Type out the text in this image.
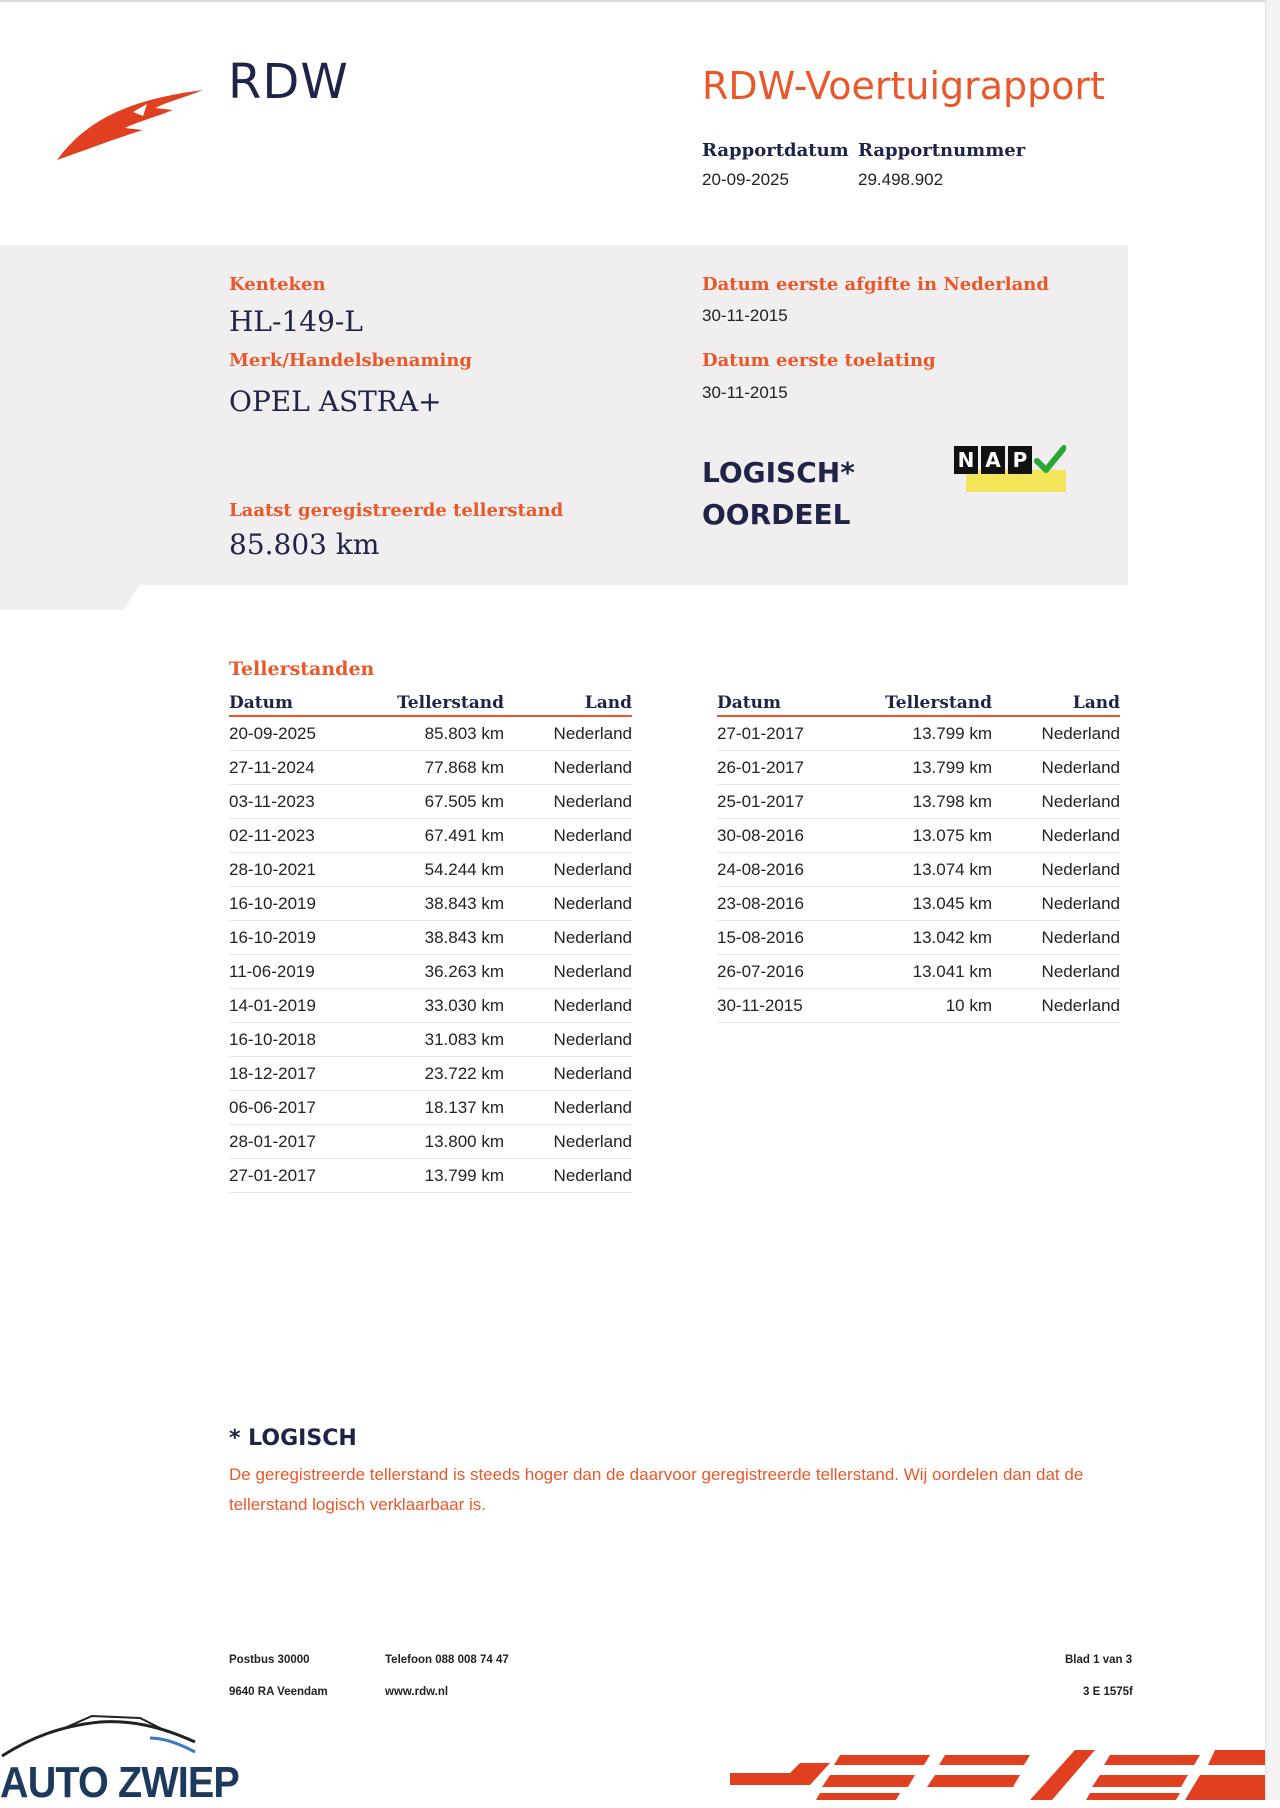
RDW	RDW-Voertuigrapport
Rapportdatum
20-09-2025
Rapportnummer
29.498.902
Kenteken
HL-149-L
Merk/Handelsbenaming
OPEL ASTRA+
Laatst geregistreerde tellerstand
85.803 km
Datum eerste afgifte in Nederland
30-11-2015
Datum eerste toelating
30-11-2015
LOGISCH*
OORDEEL
N A P
Tellerstanden
Datum	Tellerstand	Land
20-09-2025	85.803 km	Nederland
27-11-2024	77.868 km	Nederland
03-11-2023	67.505 km	Nederland
02-11-2023	67.491 km	Nederland
28-10-2021	54.244 km	Nederland
16-10-2019	38.843 km	Nederland
16-10-2019	38.843 km	Nederland
11-06-2019	36.263 km	Nederland
14-01-2019	33.030 km	Nederland
16-10-2018	31.083 km	Nederland
18-12-2017	23.722 km	Nederland
06-06-2017	18.137 km	Nederland
28-01-2017	13.800 km	Nederland
27-01-2017	13.799 km	Nederland
Datum	Tellerstand	Land
27-01-2017	13.799 km	Nederland
26-01-2017	13.799 km	Nederland
25-01-2017	13.798 km	Nederland
30-08-2016	13.075 km	Nederland
24-08-2016	13.074 km	Nederland
23-08-2016	13.045 km	Nederland
15-08-2016	13.042 km	Nederland
26-07-2016	13.041 km	Nederland
30-11-2015	10 km	Nederland
* LOGISCH
De geregistreerde tellerstand is steeds hoger dan de daarvoor geregistreerde tellerstand. Wij oordelen dan dat de tellerstand logisch verklaarbaar is.
Postbus 30000
9640 RA Veendam
Telefoon 088 008 74 47
www.rdw.nl
Blad 1 van 3
3 E 1575f
AUTO ZWIEP
